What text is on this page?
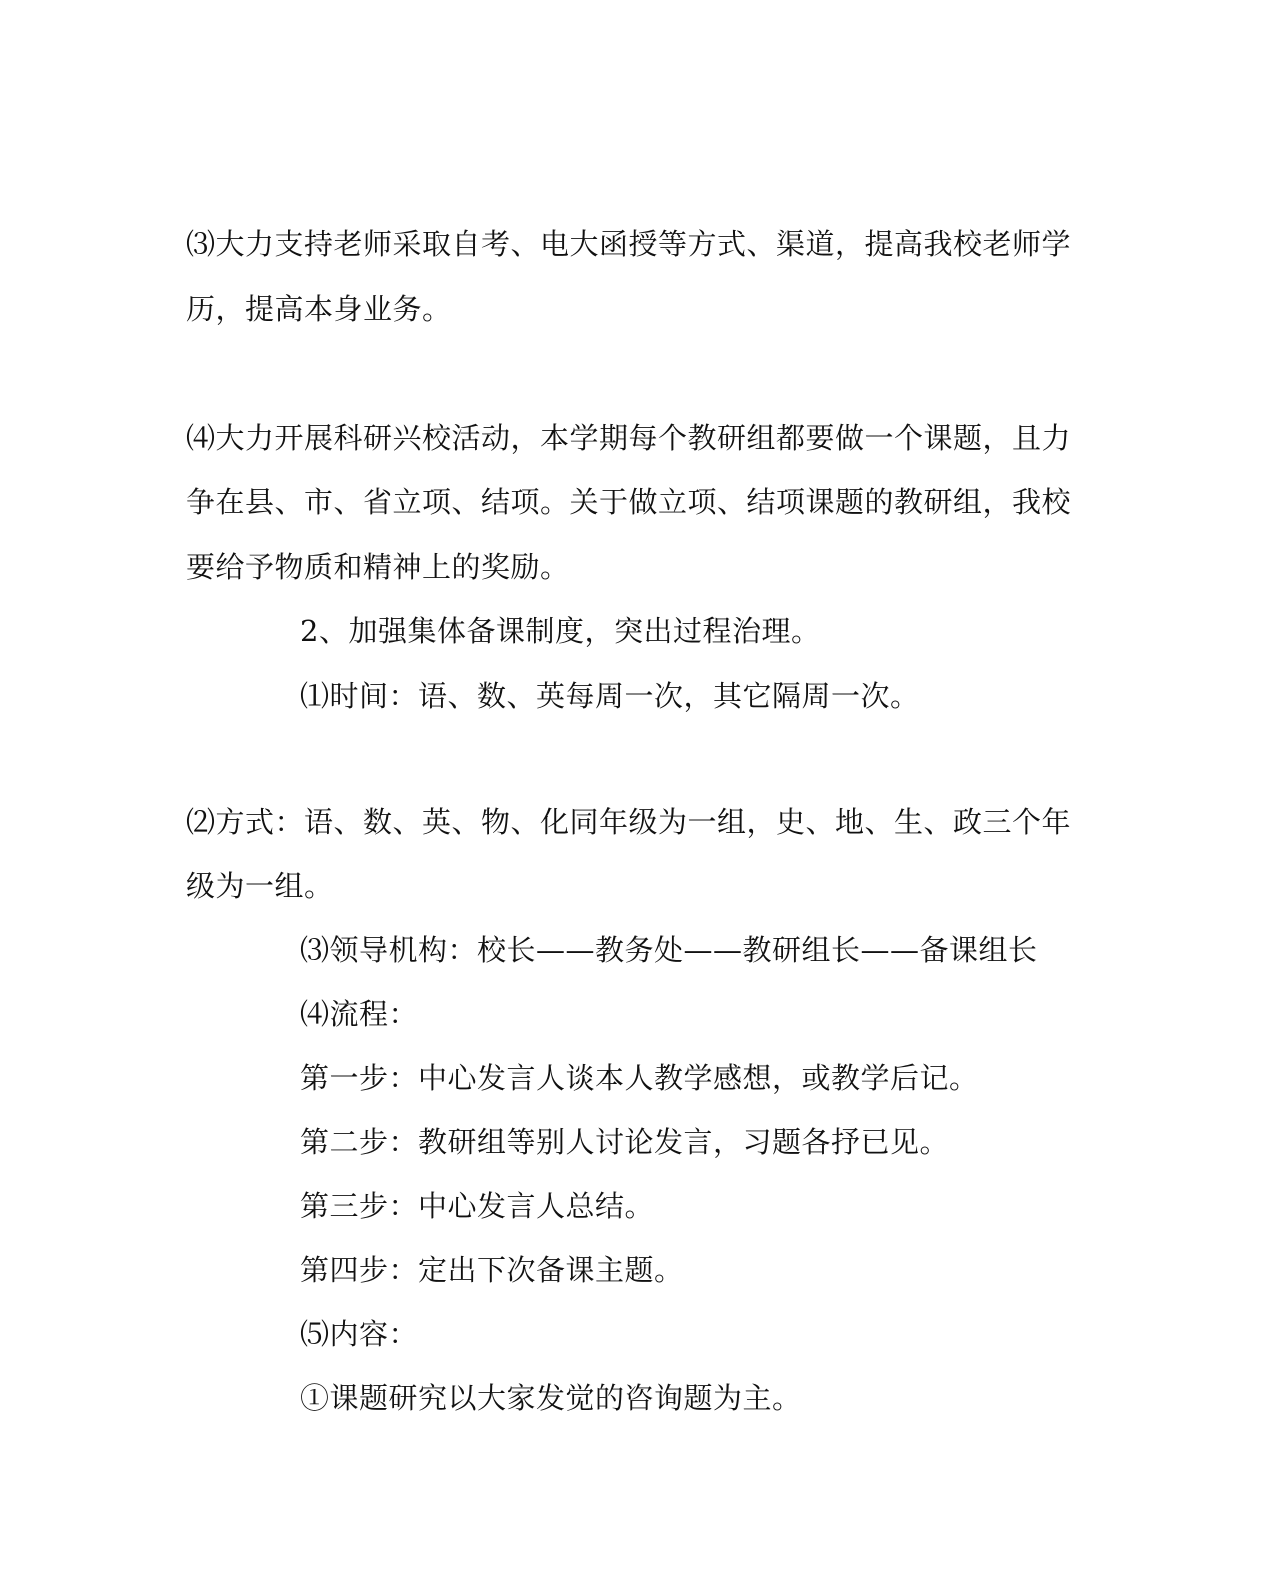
⑶大力支持老师采取自考、电大函授等方式、渠道，提高我校老师学
历，提高本身业务。
⑷大力开展科研兴校活动，本学期每个教研组都要做一个课题，且力
争在县、市、省立项、结项。关于做立项、结项课题的教研组，我校
要给予物质和精神上的奖励。
2、加强集体备课制度，突出过程治理。
⑴时间：语、数、英每周一次，其它隔周一次。
⑵方式：语、数、英、物、化同年级为一组，史、地、生、政三个年
级为一组。
⑶领导机构：校长——教务处——教研组长——备课组长
⑷流程：
第一步：中心发言人谈本人教学感想，或教学后记。
第二步：教研组等别人讨论发言，习题各抒已见。
第三步：中心发言人总结。
第四步：定出下次备课主题。
⑸内容：
①课题研究以大家发觉的咨询题为主。
